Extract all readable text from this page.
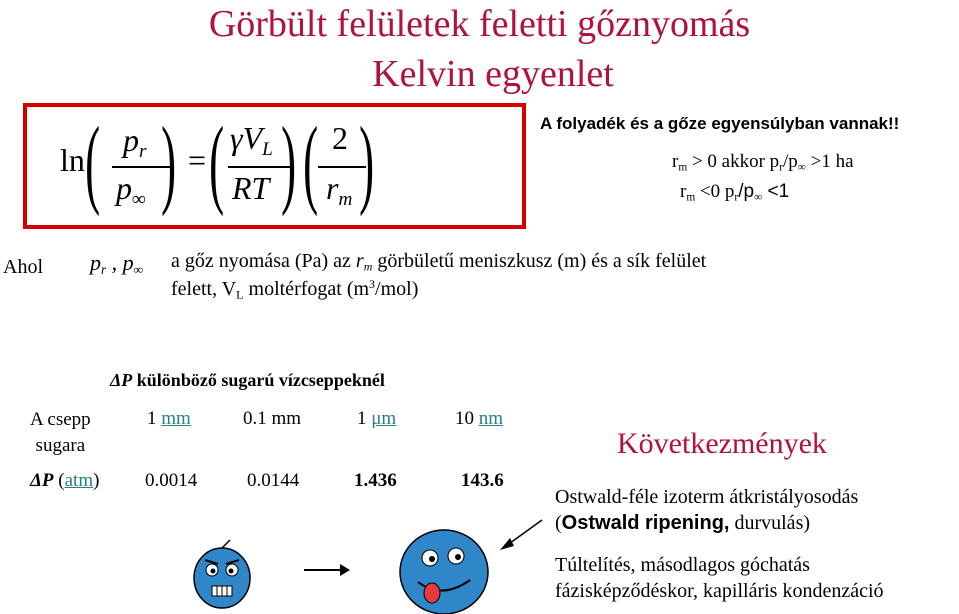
Görbült felületek feletti gőznyomás
Kelvin egyenlet
ln ( $p_r$
$p_\infty$ ) = ( $\gamma V_L$
RT ) ( 2
$r_m$ )	A folyadék és a gőze egyensúlyban vannak!!
$r_m > 0$ akkor $p_r/p_\infty >1$ ha
$r_m <0$ $p_r/p_\infty <1$
Ahol $p_r$ , $p_\infty$ a gőz nyomása (Pa) az $r_m$ görbületű meniszkusz (m) és a sík felület
felett, $V_L$ moltérfogat $(m^3/mol)$
ΔP különböző sugarú vízcseppeknél
A csepp
sugara
1 mm	0.1 mm	1 μm	10 nm
ΔP (atm) 0.0014	0.0144	1.436	143.6
Következmények
Ostwald-féle izoterm átkristályosodás
(Ostwald ripening, durvulás)
Túltelítés, másodlagos góchatás
fázisképződéskor, kapilláris kondenzáció
